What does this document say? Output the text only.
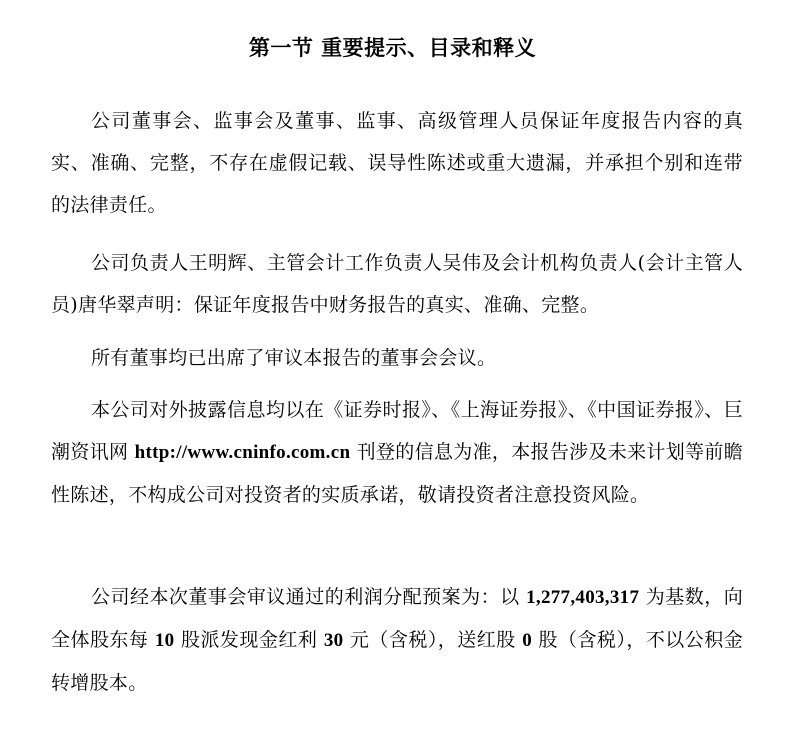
第一节 重要提示、目录和释义
公司董事会、监事会及董事、监事、高级管理人员保证年度报告内容的真实、准确、完整，不存在虚假记载、误导性陈述或重大遗漏，并承担个别和连带的法律责任。
公司负责人王明辉、主管会计工作负责人吴伟及会计机构负责人(会计主管人员)唐华翠声明：保证年度报告中财务报告的真实、准确、完整。
所有董事均已出席了审议本报告的董事会会议。
本公司对外披露信息均以在《证券时报》、《上海证券报》、《中国证券报》、巨潮资讯网 http://www.cninfo.com.cn 刊登的信息为准，本报告涉及未来计划等前瞻性陈述，不构成公司对投资者的实质承诺，敬请投资者注意投资风险。
公司经本次董事会审议通过的利润分配预案为：以 1,277,403,317 为基数，向全体股东每 10 股派发现金红利 30 元（含税），送红股 0 股（含税），不以公积金转增股本。
